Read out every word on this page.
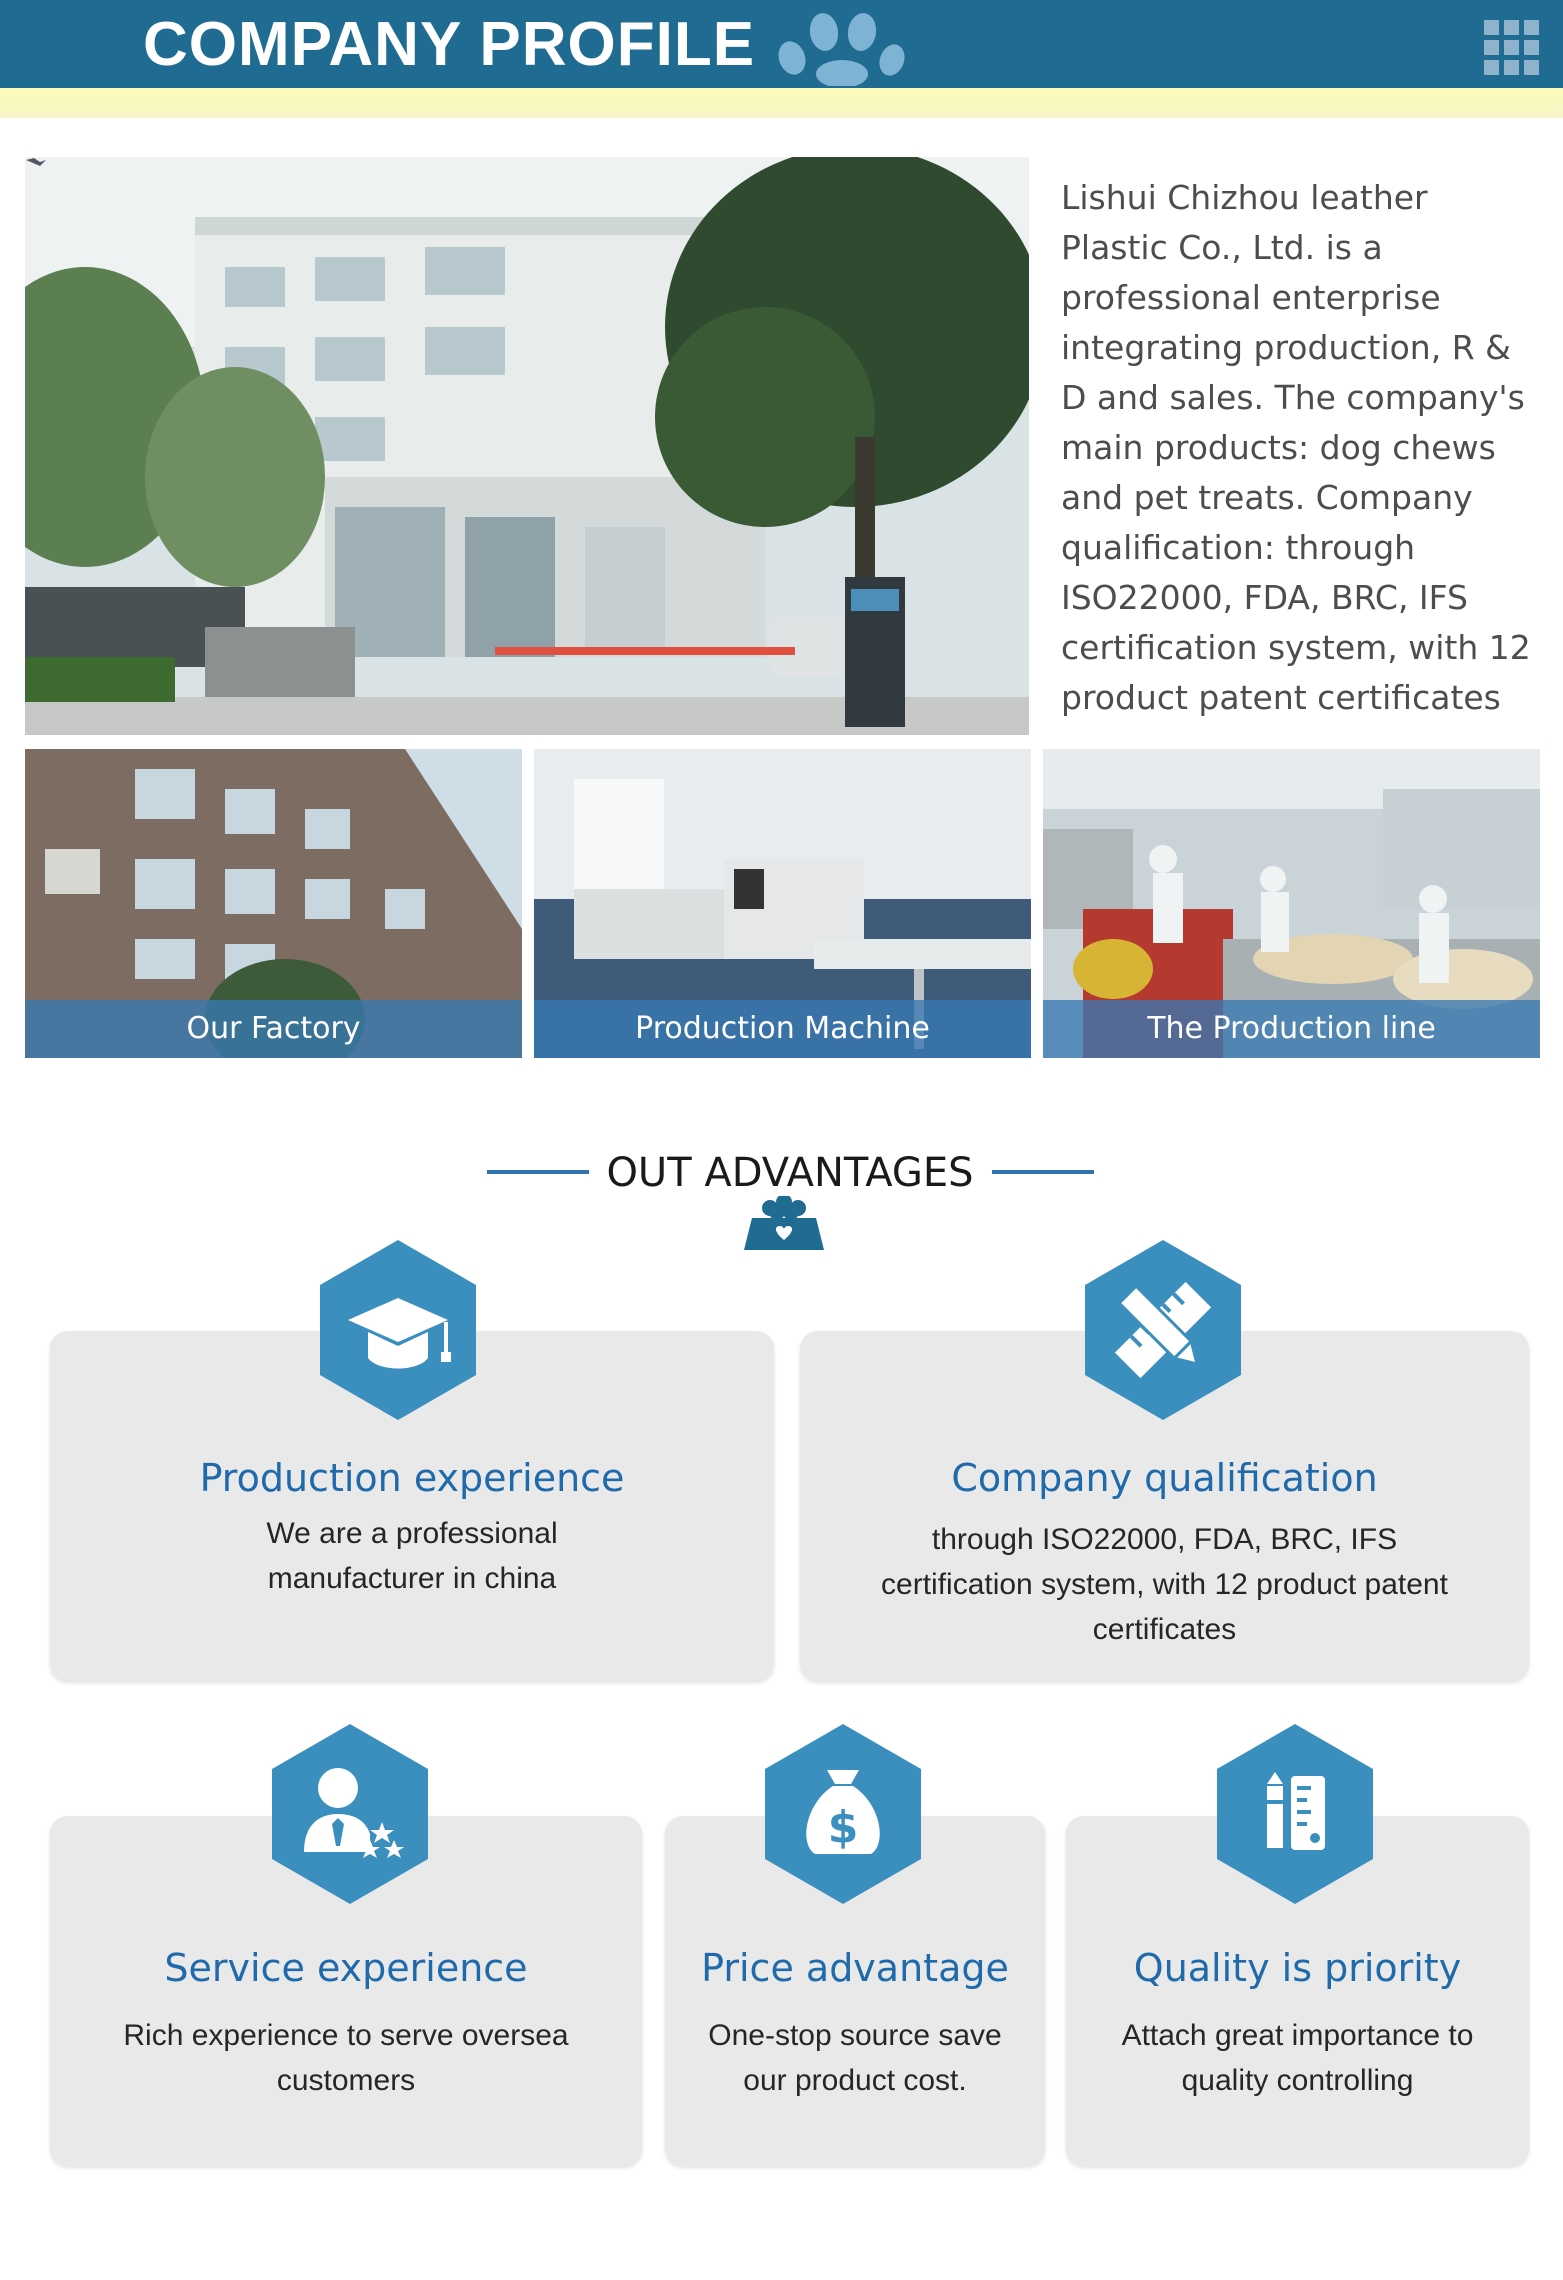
COMPANY PROFILE
Lishui Chizhou leather Plastic Co., Ltd. is a professional enterprise integrating production, R & D and sales. The company's main products: dog chews and pet treats. Company qualification: through ISO22000, FDA, BRC, IFS certification system, with 12 product patent certificates
Our Factory	Production Machine	The Production line
OUT ADVANTAGES
Production experience
We are a professional manufacturer in china
Company qualification
through ISO22000, FDA, BRC, IFS certification system, with 12 product patent certificates
Service experience
Rich experience to serve oversea customers
Price advantage
One-stop source save our product cost.
$
Quality is priority
Attach great importance to quality controlling
